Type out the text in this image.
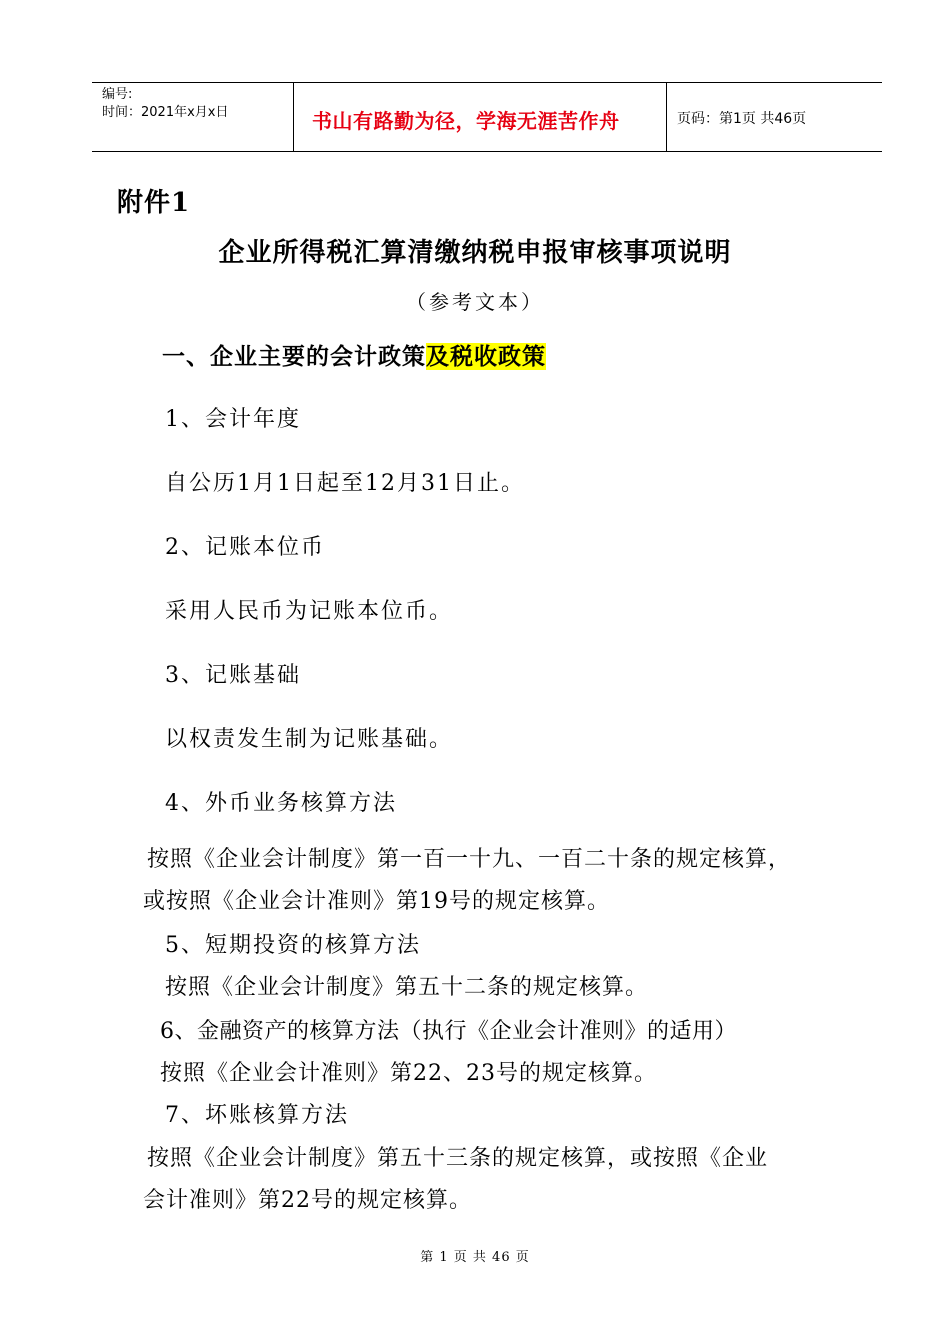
编号:
时间：2021年x月x日	书山有路勤为径，学海无涯苦作舟	页码：第1页 共46页
附件1
企业所得税汇算清缴纳税申报审核事项说明
（参考文本）
一、企业主要的会计政策及税收政策
1、会计年度
自公历1月1日起至12月31日止。
2、记账本位币
采用人民币为记账本位币。
3、记账基础
以权责发生制为记账基础。
4、外币业务核算方法
按照《企业会计制度》第一百一十九、一百二十条的规定核算，
或按照《企业会计准则》第19号的规定核算。
5、短期投资的核算方法
按照《企业会计制度》第五十二条的规定核算。
6、金融资产的核算方法（执行《企业会计准则》的适用）
按照《企业会计准则》第22、23号的规定核算。
7、坏账核算方法
按照《企业会计制度》第五十三条的规定核算，或按照《企业
会计准则》第22号的规定核算。
第 1 页 共 46 页
